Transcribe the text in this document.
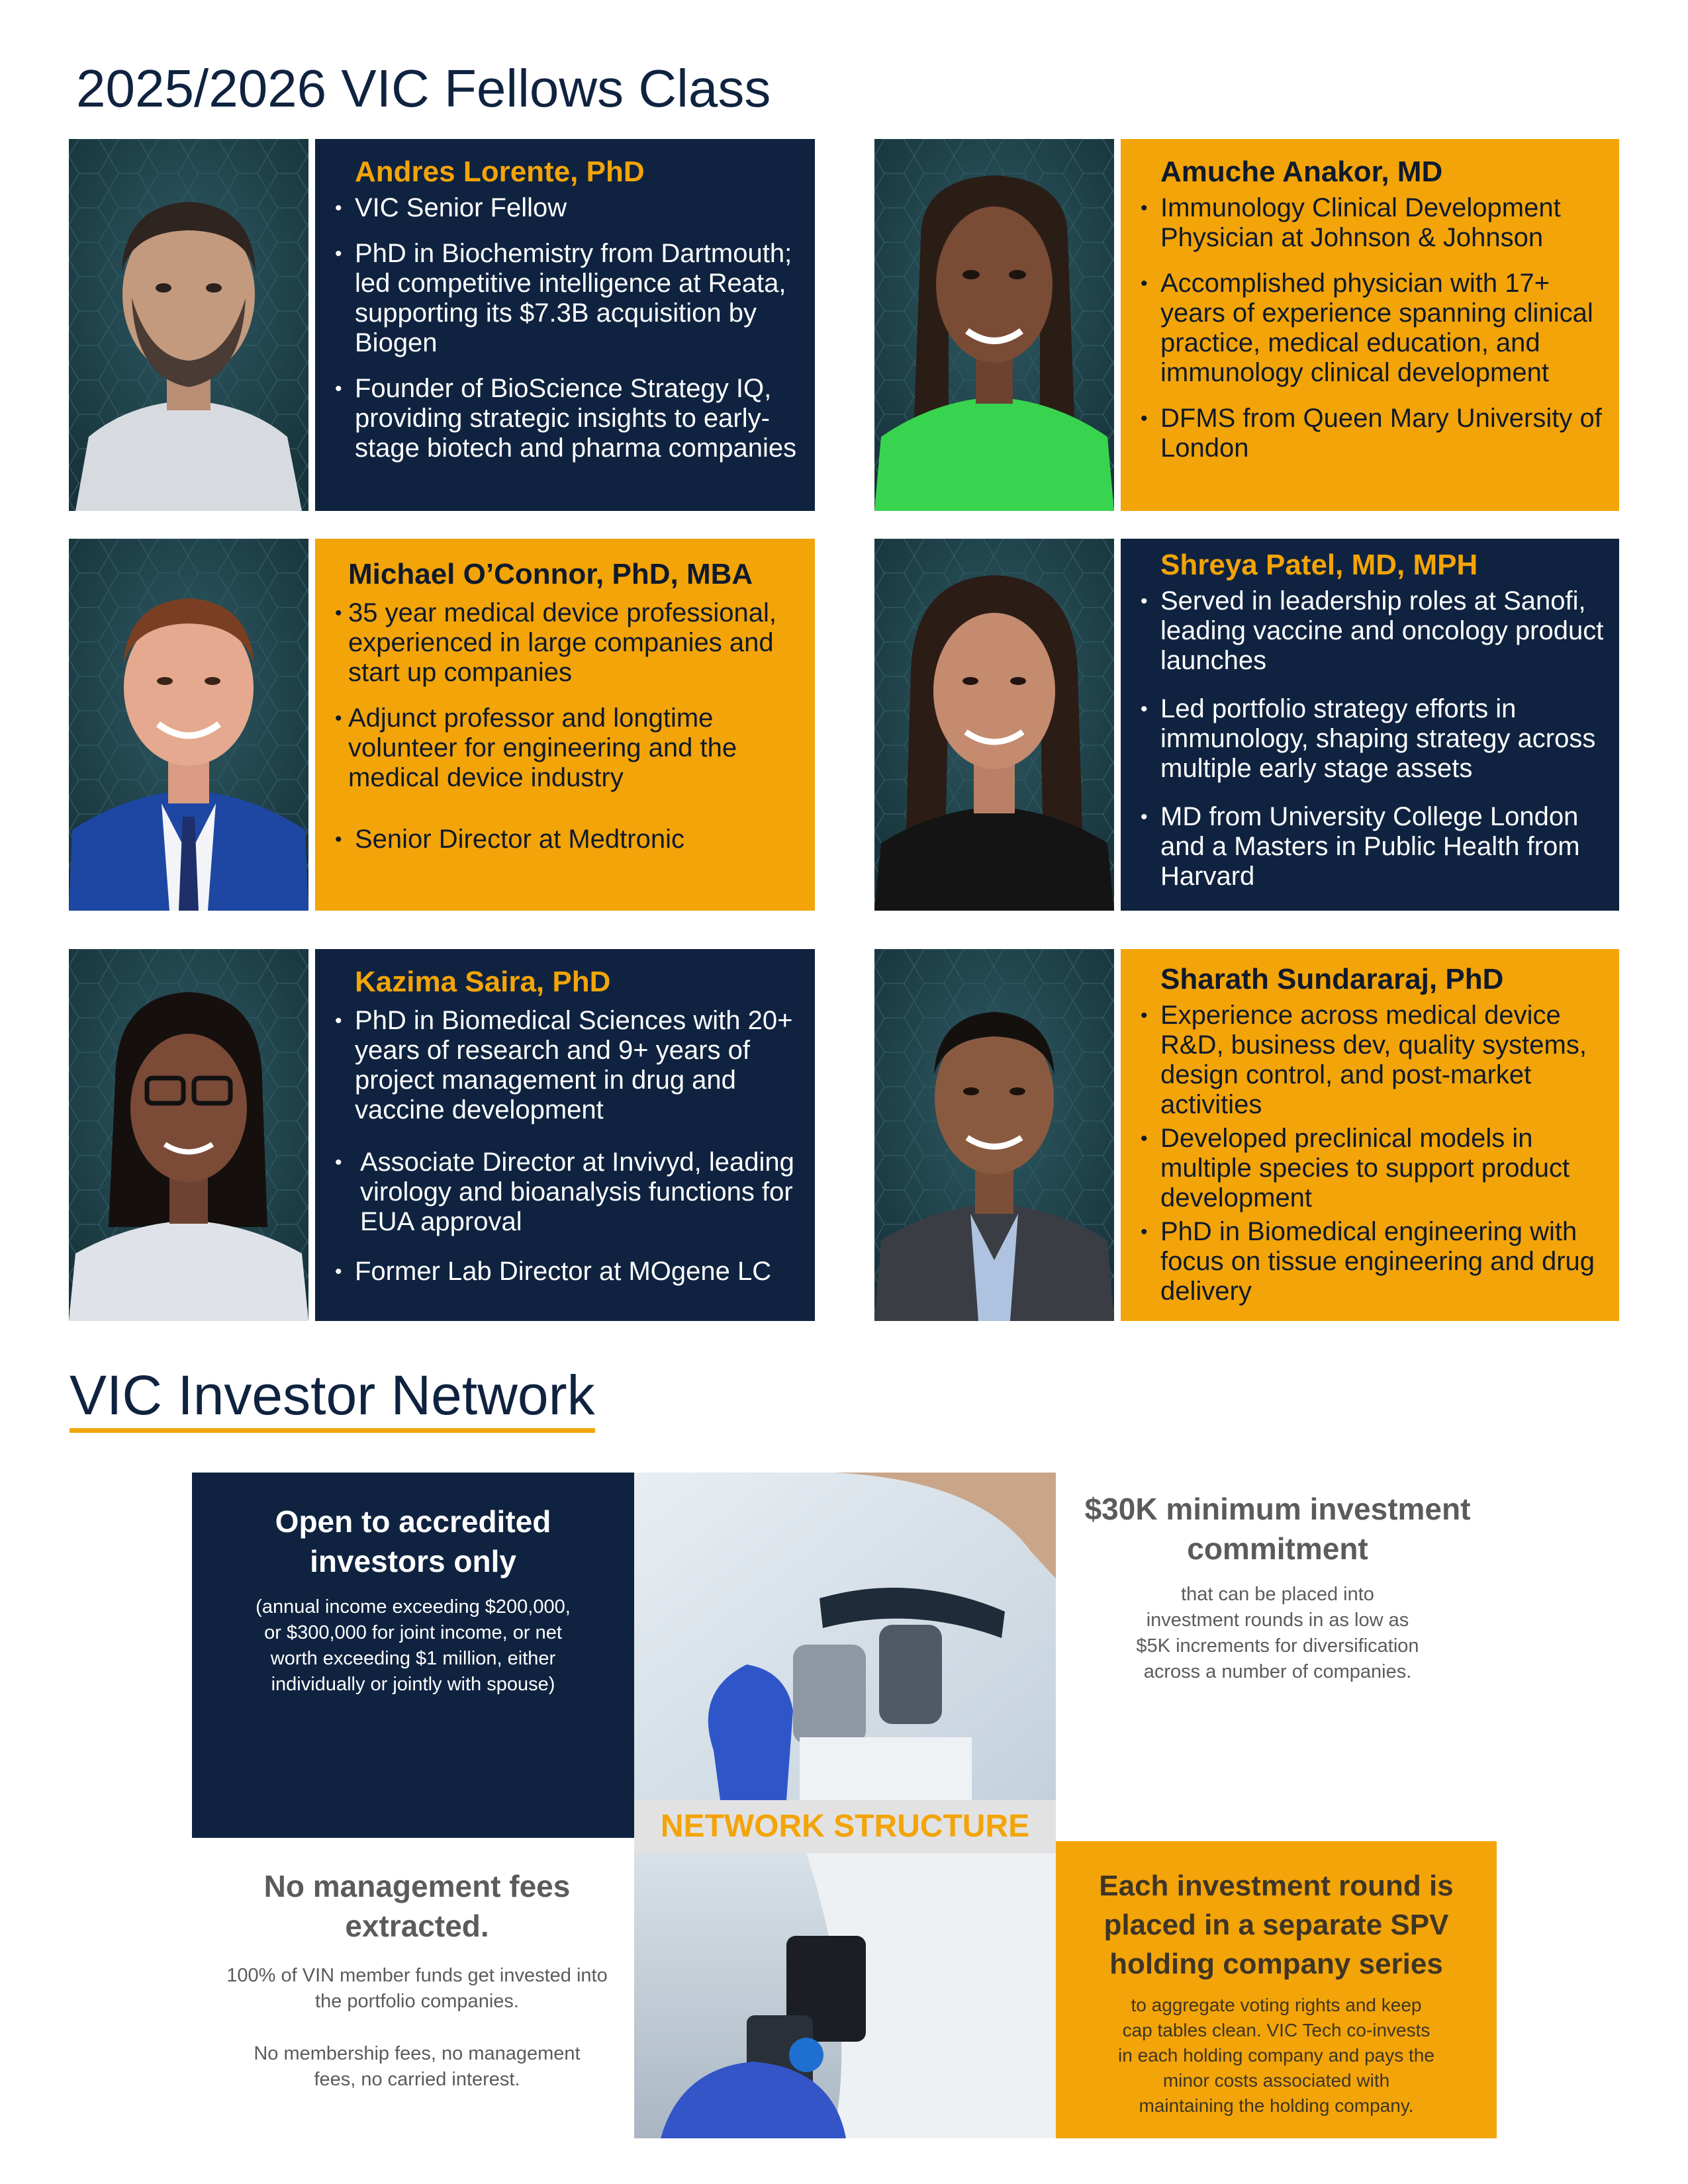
2025/2026 VIC Fellows Class
Andres Lorente, PhD
• VIC Senior Fellow
• PhD in Biochemistry from Dartmouth; led competitive intelligence at Reata, supporting its $7.3B acquisition by Biogen
• Founder of BioScience Strategy IQ, providing strategic insights to early-stage biotech and pharma companies
Amuche Anakor, MD
• Immunology Clinical Development Physician at Johnson & Johnson
• Accomplished physician with 17+ years of experience spanning clinical practice, medical education, and immunology clinical development
• DFMS from Queen Mary University of London
Michael O’Connor, PhD, MBA
• 35 year medical device professional, experienced in large companies and start up companies
• Adjunct professor and longtime volunteer for engineering and the medical device industry
• Senior Director at Medtronic
Shreya Patel, MD, MPH
• Served in leadership roles at Sanofi, leading vaccine and oncology product launches
• Led portfolio strategy efforts in immunology, shaping strategy across multiple early stage assets
• MD from University College London and a Masters in Public Health from Harvard
Kazima Saira, PhD
• PhD in Biomedical Sciences with 20+ years of research and 9+ years of project management in drug and vaccine development
• Associate Director at Invivyd, leading virology and bioanalysis functions for EUA approval
• Former Lab Director at MOgene LC
Sharath Sundararaj, PhD
• Experience across medical device R&D, business dev, quality systems, design control, and post-market activities
• Developed preclinical models in multiple species to support product development
• PhD in Biomedical engineering with focus on tissue engineering and drug delivery
VIC Investor Network
Open to accredited investors only
(annual income exceeding $200,000, or $300,000 for joint income, or net worth exceeding $1 million, either individually or jointly with spouse)
NETWORK STRUCTURE
$30K minimum investment commitment
that can be placed into investment rounds in as low as $5K increments for diversification across a number of companies.
No management fees extracted.
100% of VIN member funds get invested into the portfolio companies.
No membership fees, no management fees, no carried interest.
Each investment round is placed in a separate SPV holding company series
to aggregate voting rights and keep cap tables clean. VIC Tech co-invests in each holding company and pays the minor costs associated with maintaining the holding company.
